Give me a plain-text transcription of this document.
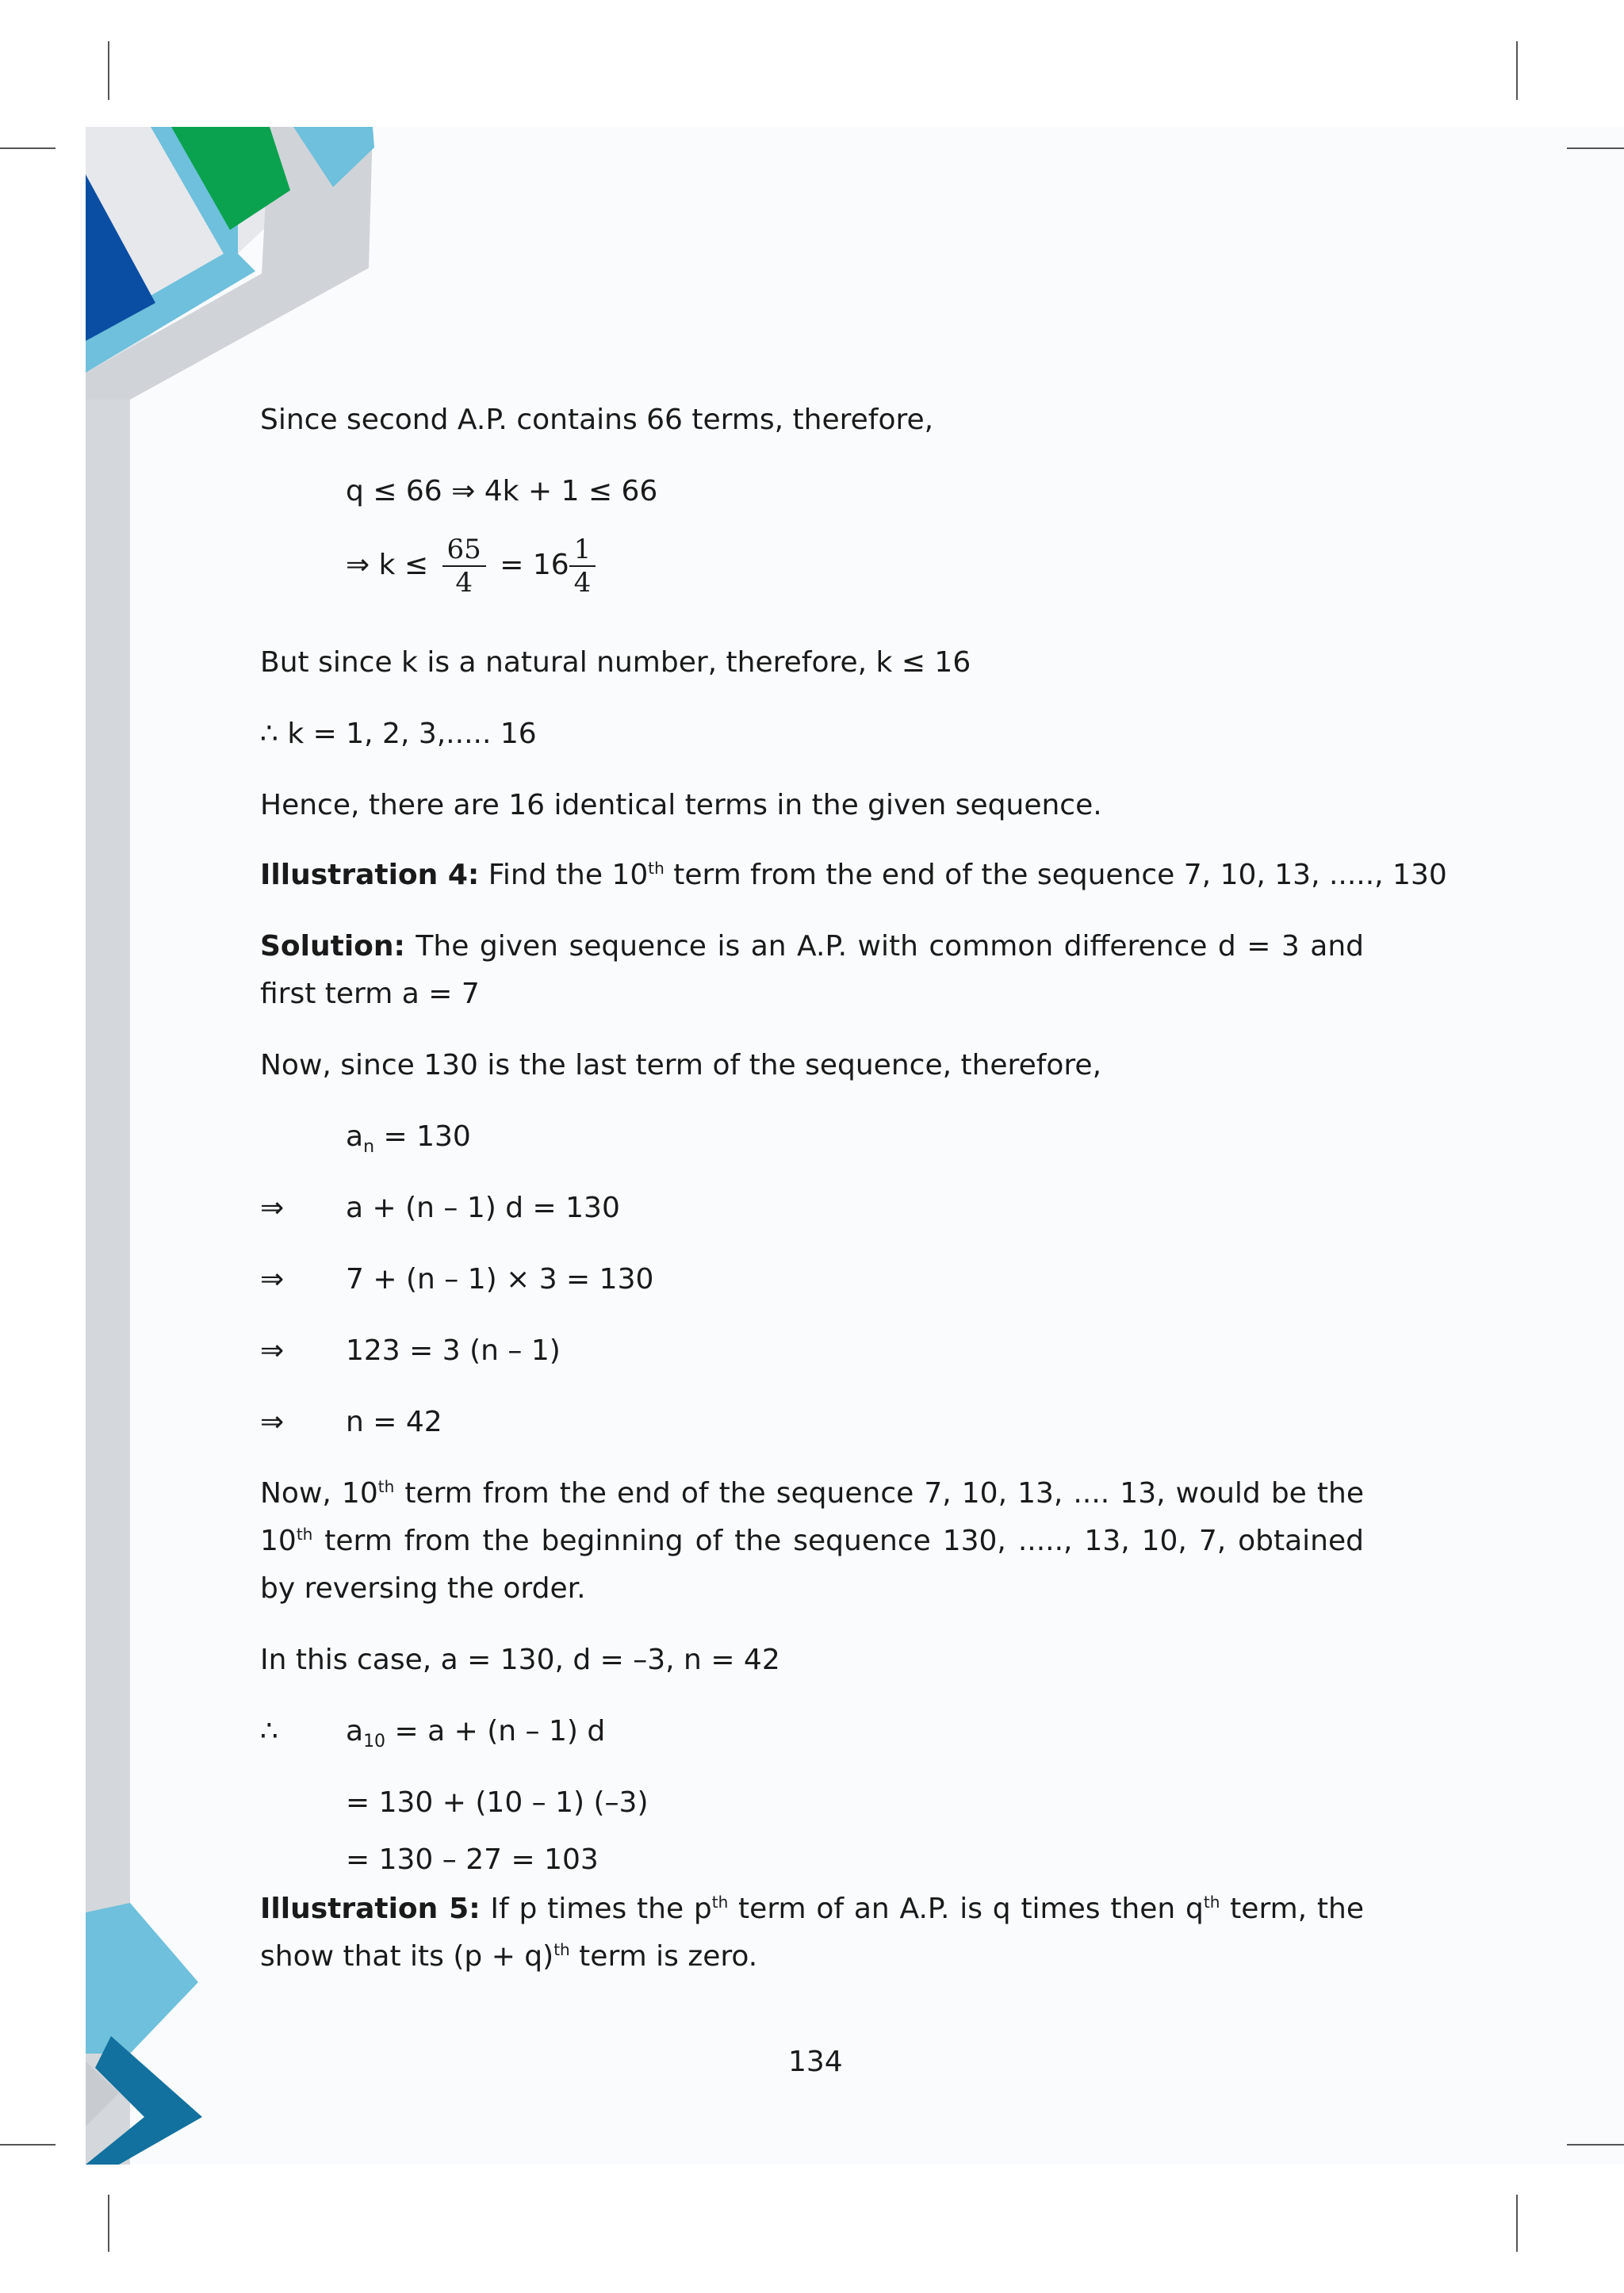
Since second A.P. contains 66 terms, therefore,
q ≤ 66 ⇒ 4k + 1 ≤ 66
⇒ $k \le \frac{65}{4} = 16 \frac{1}{4}$
But since k is a natural number, therefore, k ≤ 16
∴ k = 1, 2, 3,..... 16
Hence, there are 16 identical terms in the given sequence.
Illustration 4: Find the 10th term from the end of the sequence 7, 10, 13, ....., 130
Solution: The given sequence is an A.P. with common difference d = 3 and first term a = 7
Now, since 130 is the last term of the sequence, therefore,
$a_n = 130$
⇒ a + (n – 1) d = 130
⇒ 7 + (n – 1) × 3 = 130
⇒ 123 = 3 (n – 1)
⇒ n = 42
Now, 10th term from the end of the sequence 7, 10, 13, .... 13, would be the 10th term from the beginning of the sequence 130, ....., 13, 10, 7, obtained by reversing the order.
In this case, a = 130, d = –3, n = 42
∴ $a_{10} = a + (n - 1)$ d
= 130 + (10 – 1) (–3)
= 130 – 27 = 103
Illustration 5: If p times the $p^{th}$ term of an A.P. is q times then $q^{th}$ term, the show that its $(p + q)^{th}$ term is zero.
134
